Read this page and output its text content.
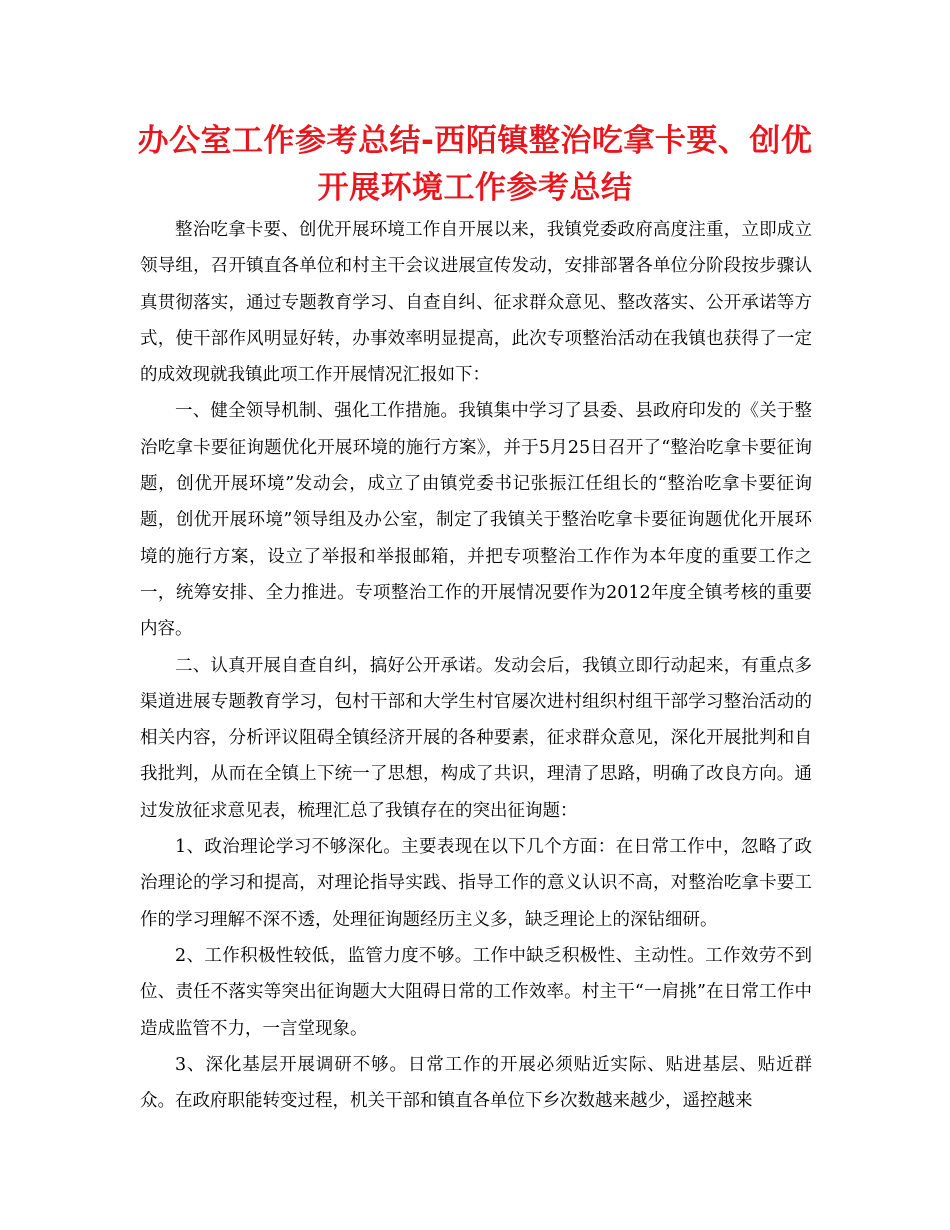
办公室工作参考总结-西陌镇整治吃拿卡要、创优开展环境工作参考总结

整治吃拿卡要、创优开展环境工作自开展以来，我镇党委政府高度注重，立即成立领导组，召开镇直各单位和村主干会议进展宣传发动，安排部署各单位分阶段按步骤认真贯彻落实，通过专题教育学习、自查自纠、征求群众意见、整改落实、公开承诺等方式，使干部作风明显好转，办事效率明显提高，此次专项整治活动在我镇也获得了一定的成效现就我镇此项工作开展情况汇报如下：

一、健全领导机制、强化工作措施。我镇集中学习了县委、县政府印发的《关于整治吃拿卡要征询题优化开展环境的施行方案》，并于5月25日召开了“整治吃拿卡要征询题，创优开展环境”发动会，成立了由镇党委书记张振江任组长的“整治吃拿卡要征询题，创优开展环境”领导组及办公室，制定了我镇关于整治吃拿卡要征询题优化开展环境的施行方案，设立了举报和举报邮箱，并把专项整治工作作为本年度的重要工作之一，统筹安排、全力推进。专项整治工作的开展情况要作为2012年度全镇考核的重要内容。

二、认真开展自查自纠，搞好公开承诺。发动会后，我镇立即行动起来，有重点多渠道进展专题教育学习，包村干部和大学生村官屡次进村组织村组干部学习整治活动的相关内容，分析评议阻碍全镇经济开展的各种要素，征求群众意见，深化开展批判和自我批判，从而在全镇上下统一了思想，构成了共识，理清了思路，明确了改良方向。通过发放征求意见表，梳理汇总了我镇存在的突出征询题：

1、政治理论学习不够深化。主要表现在以下几个方面：在日常工作中，忽略了政治理论的学习和提高，对理论指导实践、指导工作的意义认识不高，对整治吃拿卡要工作的学习理解不深不透，处理征询题经历主义多，缺乏理论上的深钻细研。

2、工作积极性较低，监管力度不够。工作中缺乏积极性、主动性。工作效劳不到位、责任不落实等突出征询题大大阻碍日常的工作效率。村主干“一肩挑”在日常工作中造成监管不力，一言堂现象。

3、深化基层开展调研不够。日常工作的开展必须贴近实际、贴进基层、贴近群众。在政府职能转变过程，机关干部和镇直各单位下乡次数越来越少，遥控越来
